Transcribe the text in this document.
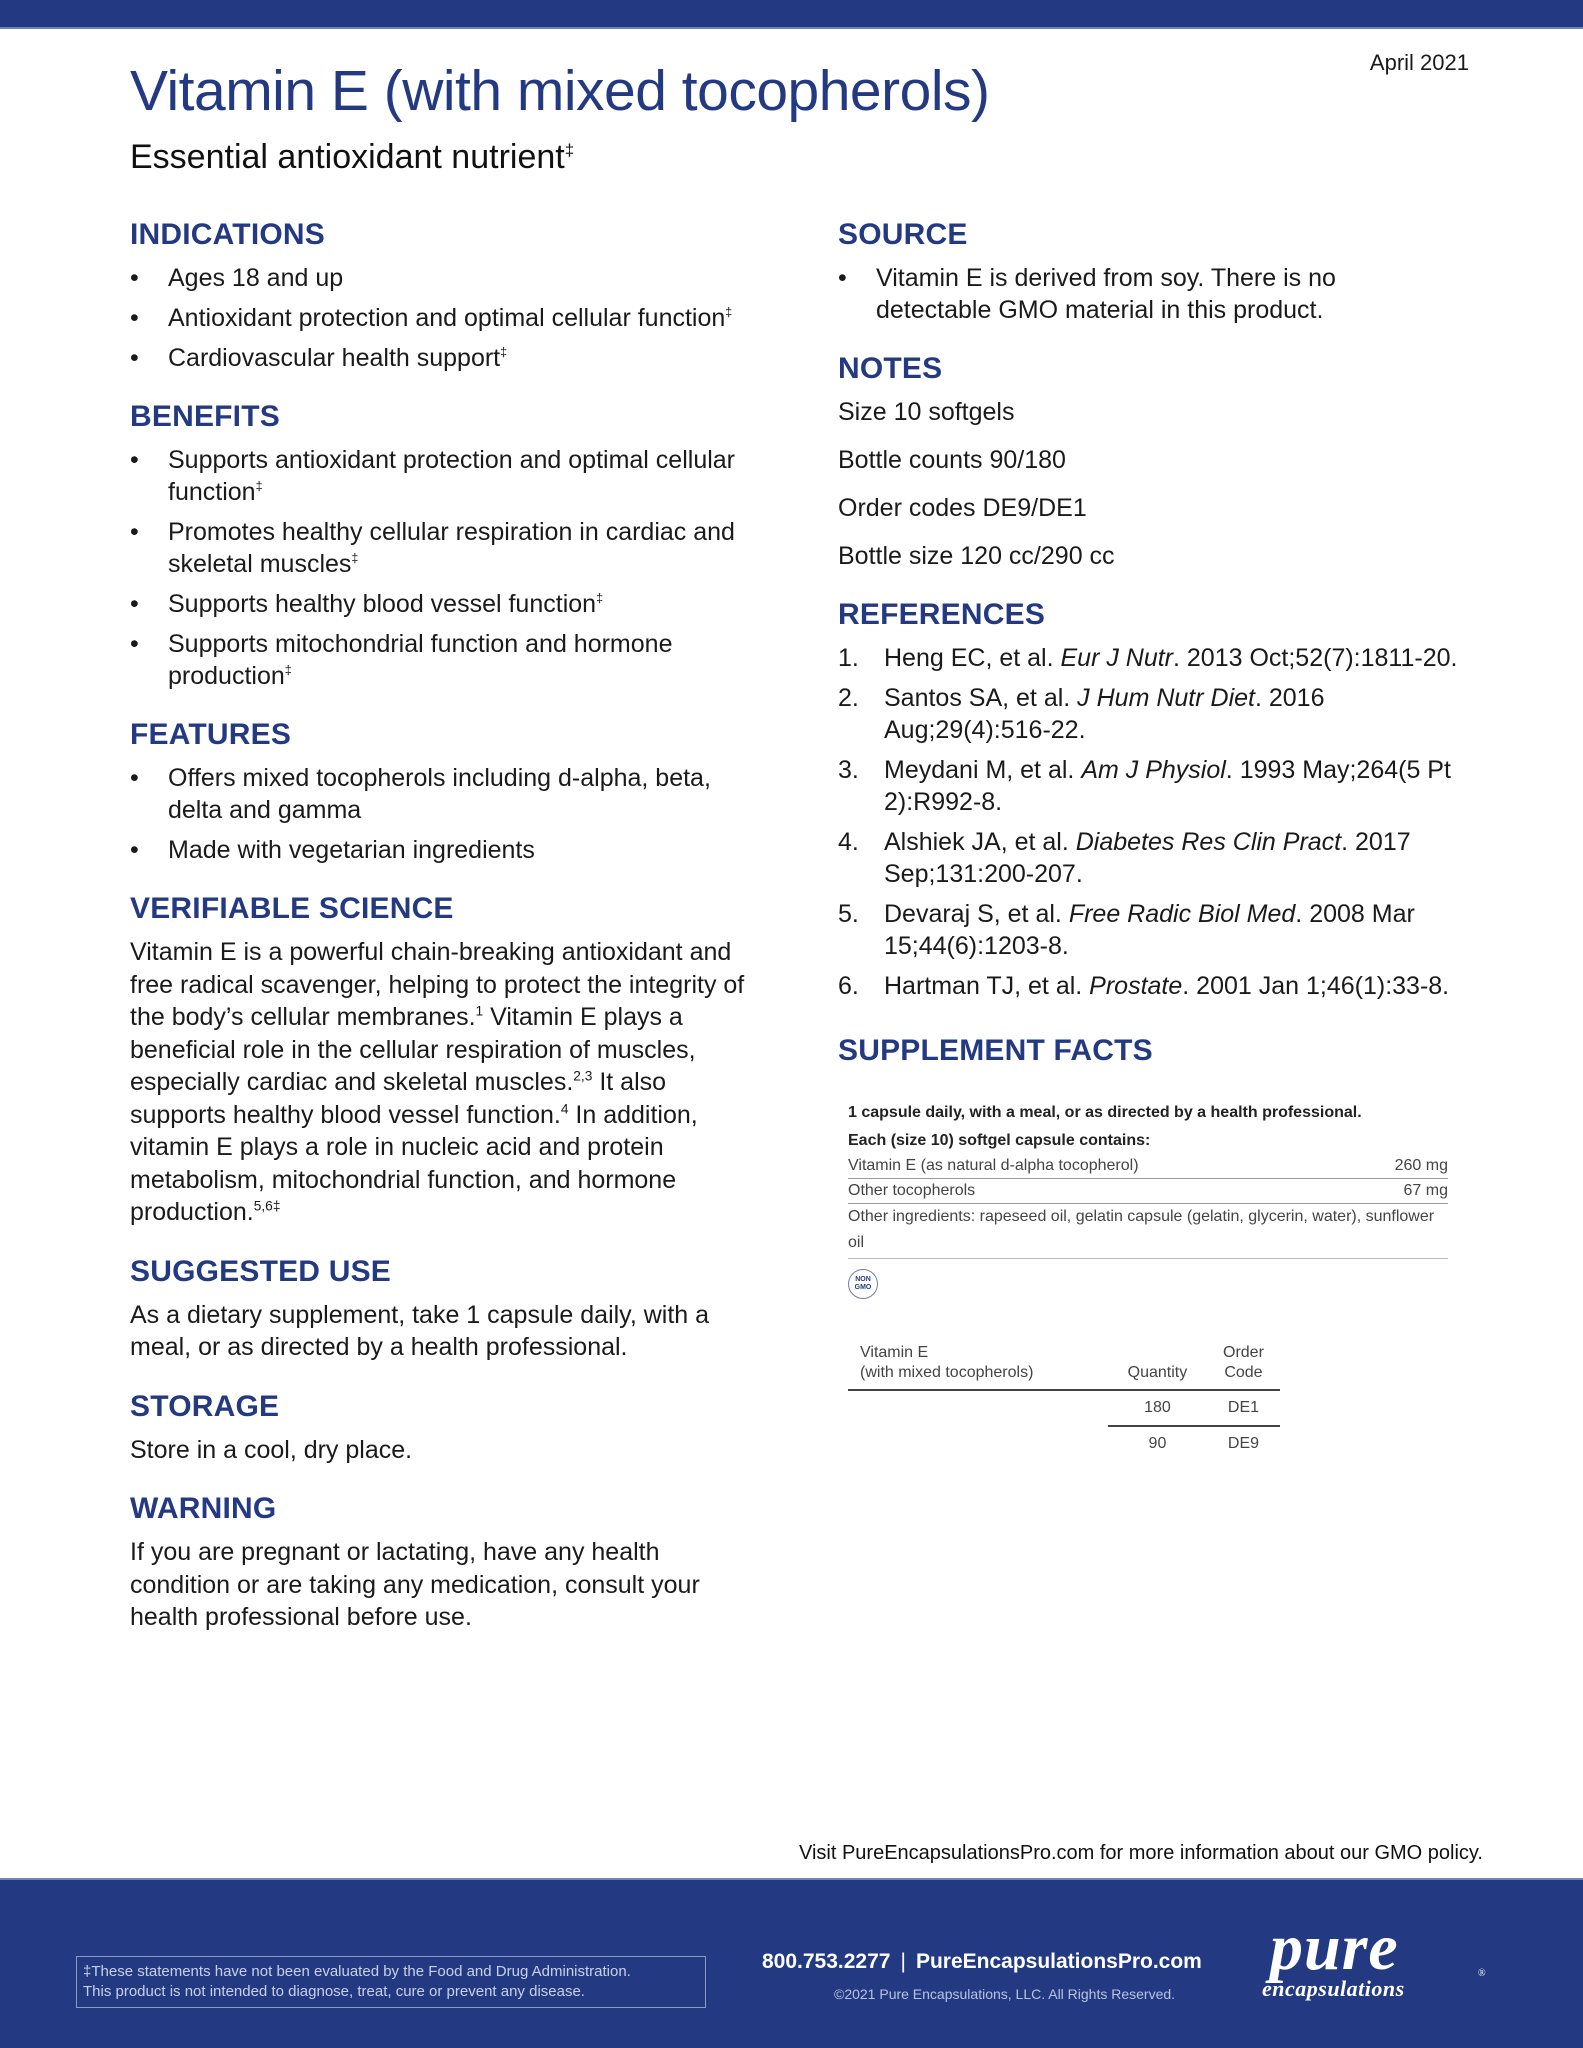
April 2021
Vitamin E (with mixed tocopherols)
Essential antioxidant nutrient‡
INDICATIONS
• Ages 18 and up
• Antioxidant protection and optimal cellular function‡
• Cardiovascular health support‡
BENEFITS
• Supports antioxidant protection and optimal cellular function‡
• Promotes healthy cellular respiration in cardiac and skeletal muscles‡
• Supports healthy blood vessel function‡
• Supports mitochondrial function and hormone production‡
FEATURES
• Offers mixed tocopherols including d-alpha, beta, delta and gamma
• Made with vegetarian ingredients
VERIFIABLE SCIENCE

Vitamin E is a powerful chain-breaking antioxidant and free radical scavenger, helping to protect the integrity of the body’s cellular membranes.$^1$ Vitamin E plays a beneficial role in the cellular respiration of muscles, especially cardiac and skeletal muscles.$^{2,3}$ It also supports healthy blood vessel function.$^4$ In addition, vitamin E plays a role in nucleic acid and protein metabolism, mitochondrial function, and hormone production.$^{5,6\ddagger}$

SUGGESTED USE

As a dietary supplement, take 1 capsule daily, with a meal, or as directed by a health professional.

STORAGE

Store in a cool, dry place.

WARNING

If you are pregnant or lactating, have any health condition or are taking any medication, consult your health professional before use.

SOURCE
• Vitamin E is derived from soy. There is no detectable GMO material in this product.
NOTES
Size 10 softgels
Bottle counts 90/180
Order codes DE9/DE1
Bottle size 120 cc/290 cc
REFERENCES
1. Heng EC, et al. Eur J Nutr. 2013 Oct;52(7):1811-20.
2. Santos SA, et al. J Hum Nutr Diet. 2016 Aug;29(4):516-22.
3. Meydani M, et al. Am J Physiol. 1993 May;264(5 Pt 2):R992-8.
4. Alshiek JA, et al. Diabetes Res Clin Pract. 2017 Sep;131:200-207.
5. Devaraj S, et al. Free Radic Biol Med. 2008 Mar 15;44(6):1203-8.
6. Hartman TJ, et al. Prostate. 2001 Jan 1;46(1):33-8.
SUPPLEMENT FACTS
1 capsule daily, with a meal, or as directed by a health professional.
Each (size 10) softgel capsule contains:
Vitamin E (as natural d-alpha tocopherol)	260 mg
Other tocopherols	67 mg
Other ingredients: rapeseed oil, gelatin capsule (gelatin, glycerin, water), sunflower oil
NON
GMO
Vitamin E
(with mixed tocopherols)	Quantity	Order
Code
	180	DE1
	90	DE9
Visit PureEncapsulationsPro.com for more information about our GMO policy.
‡These statements have not been evaluated by the Food and Drug Administration.
This product is not intended to diagnose, treat, cure or prevent any disease.
800.753.2277 | PureEncapsulationsPro.com
©2021 Pure Encapsulations, LLC. All Rights Reserved.
pure	®
encapsulations
